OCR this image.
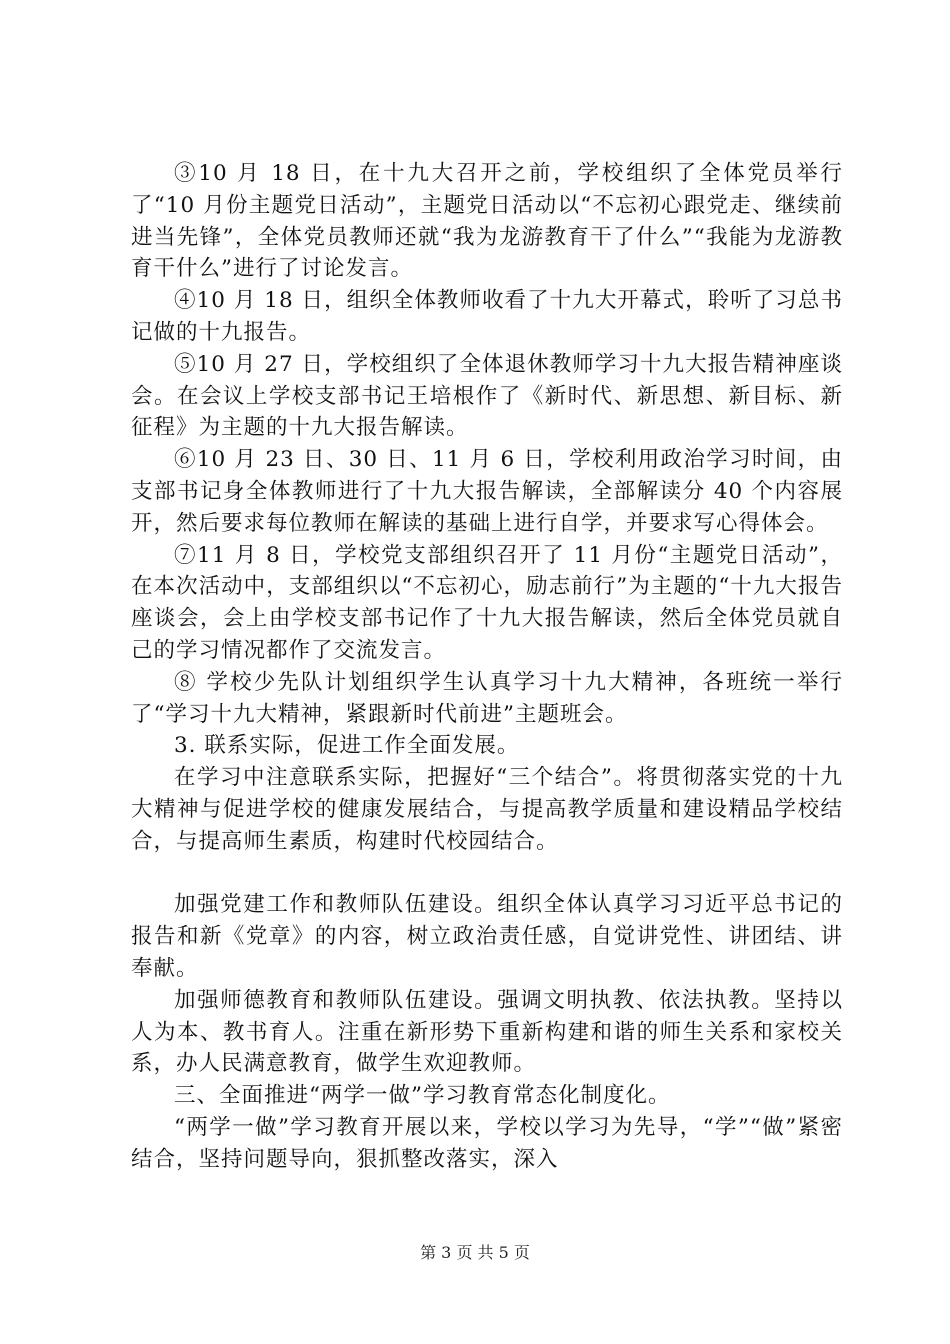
③10 月 18 日，在十九大召开之前，学校组织了全体党员举行了“10 月份主题党日活动”，主题党日活动以“不忘初心跟党走、继续前进当先锋”，全体党员教师还就“我为龙游教育干了什么”“我能为龙游教育干什么”进行了讨论发言。

④10 月 18 日，组织全体教师收看了十九大开幕式，聆听了习总书记做的十九报告。

⑤10 月 27 日，学校组织了全体退休教师学习十九大报告精神座谈会。在会议上学校支部书记王培根作了《新时代、新思想、新目标、新征程》为主题的十九大报告解读。

⑥10 月 23 日、30 日、11 月 6 日，学校利用政治学习时间，由支部书记身全体教师进行了十九大报告解读，全部解读分 40 个内容展开，然后要求每位教师在解读的基础上进行自学，并要求写心得体会。

⑦11 月 8 日，学校党支部组织召开了 11 月份“主题党日活动”，在本次活动中，支部组织以“不忘初心，励志前行”为主题的“十九大报告座谈会，会上由学校支部书记作了十九大报告解读，然后全体党员就自己的学习情况都作了交流发言。

⑧ 学校少先队计划组织学生认真学习十九大精神，各班统一举行了“学习十九大精神，紧跟新时代前进”主题班会。

3. 联系实际，促进工作全面发展。

在学习中注意联系实际，把握好“三个结合”。将贯彻落实党的十九大精神与促进学校的健康发展结合，与提高教学质量和建设精品学校结合，与提高师生素质，构建时代校园结合。

加强党建工作和教师队伍建设。组织全体认真学习习近平总书记的报告和新《党章》的内容，树立政治责任感，自觉讲党性、讲团结、讲奉献。

加强师德教育和教师队伍建设。强调文明执教、依法执教。坚持以人为本、教书育人。注重在新形势下重新构建和谐的师生关系和家校关系，办人民满意教育，做学生欢迎教师。

三、全面推进“两学一做”学习教育常态化制度化。

“两学一做”学习教育开展以来，学校以学习为先导，“学”“做”紧密结合，坚持问题导向，狠抓整改落实，深入

第 3 页 共 5 页
